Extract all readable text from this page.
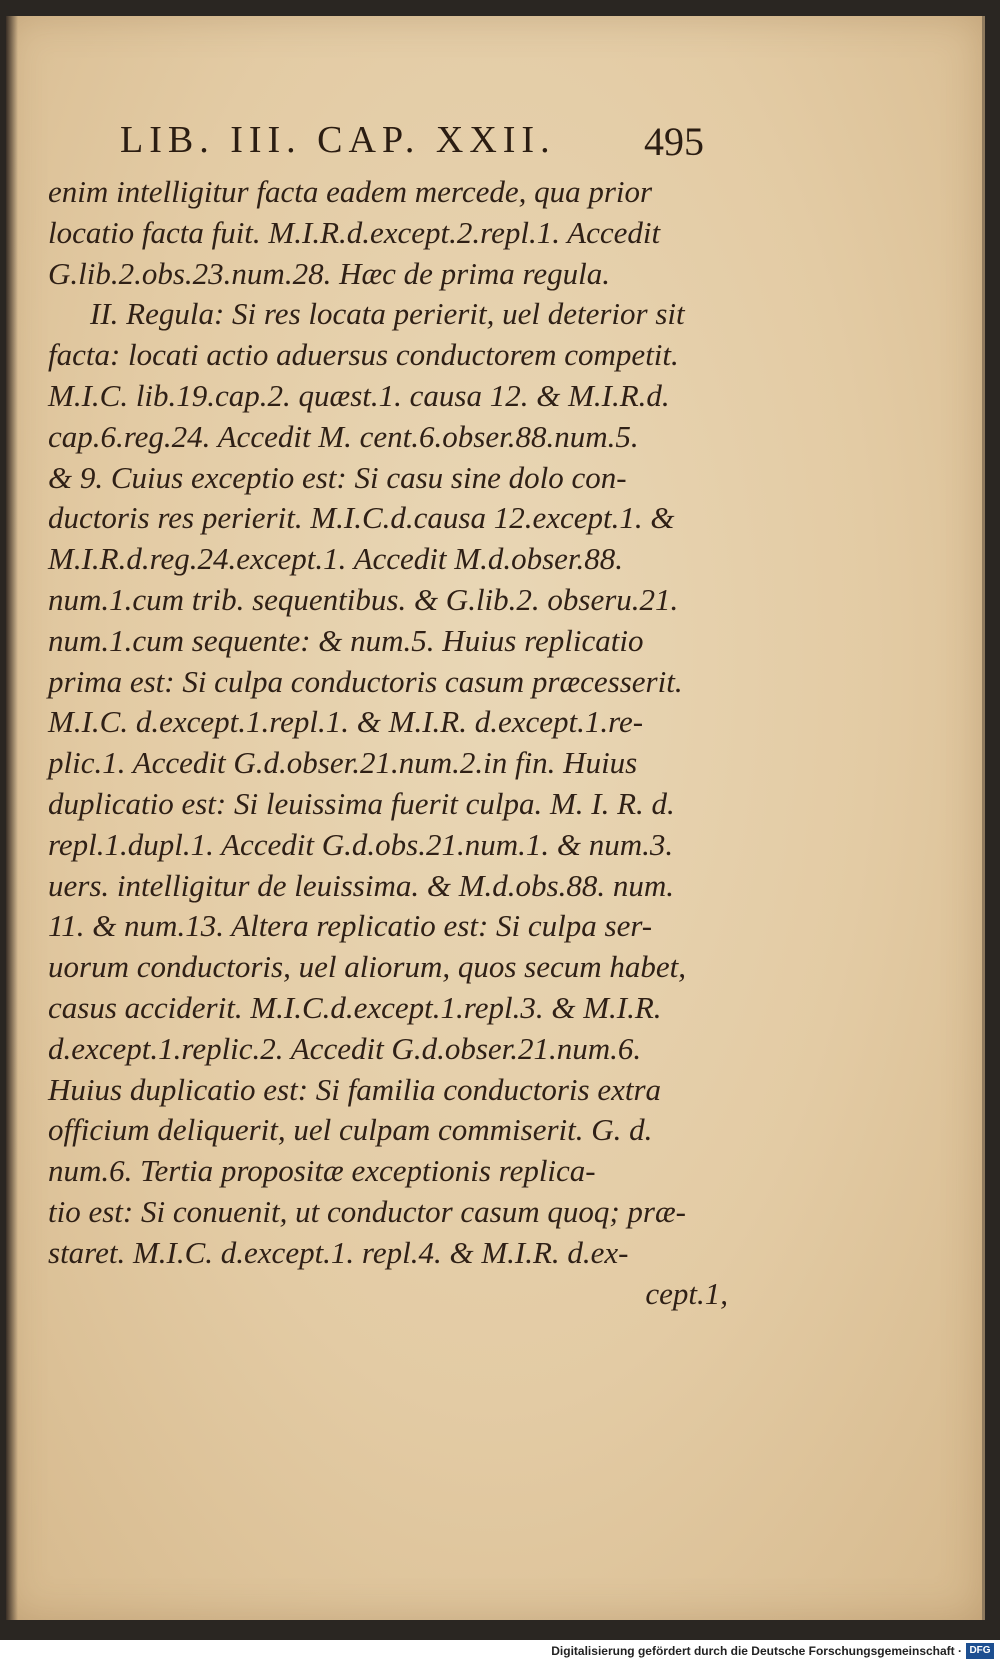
LIB. III. CAP. XXII.	495
enim intelligitur facta eadem mercede, qua prior
locatio facta fuit. M.I.R.d.except.2.repl.1. Accedit
G.lib.2.obs.23.num.28. Hæc de prima regula.
II. Regula: Si res locata perierit, uel deterior sit
facta: locati actio aduersus conductorem competit.
M.I.C. lib.19.cap.2. quæst.1. causa 12. & M.I.R.d.
cap.6.reg.24. Accedit M. cent.6.obser.88.num.5.
& 9. Cuius exceptio est: Si casu sine dolo con-
ductoris res perierit. M.I.C.d.causa 12.except.1. &
M.I.R.d.reg.24.except.1. Accedit M.d.obser.88.
num.1.cum trib. sequentibus. & G.lib.2. obseru.21.
num.1.cum sequente: & num.5. Huius replicatio
prima est: Si culpa conductoris casum præcesserit.
M.I.C. d.except.1.repl.1. & M.I.R. d.except.1.re-
plic.1. Accedit G.d.obser.21.num.2.in fin. Huius
duplicatio est: Si leuissima fuerit culpa. M. I. R. d.
repl.1.dupl.1. Accedit G.d.obs.21.num.1. & num.3.
uers. intelligitur de leuissima. & M.d.obs.88. num.
11. & num.13. Altera replicatio est: Si culpa ser-
uorum conductoris, uel aliorum, quos secum habet,
casus acciderit. M.I.C.d.except.1.repl.3. & M.I.R.
d.except.1.replic.2. Accedit G.d.obser.21.num.6.
Huius duplicatio est: Si familia conductoris extra
officium deliquerit, uel culpam commiserit. G. d.
num.6. Tertia propositæ exceptionis replica-
tio est: Si conuenit, ut conductor casum quoq; præ-
staret. M.I.C. d.except.1. repl.4. & M.I.R. d.ex-
cept.1,
Digitalisierung gefördert durch die Deutsche Forschungsgemeinschaft · DFG
